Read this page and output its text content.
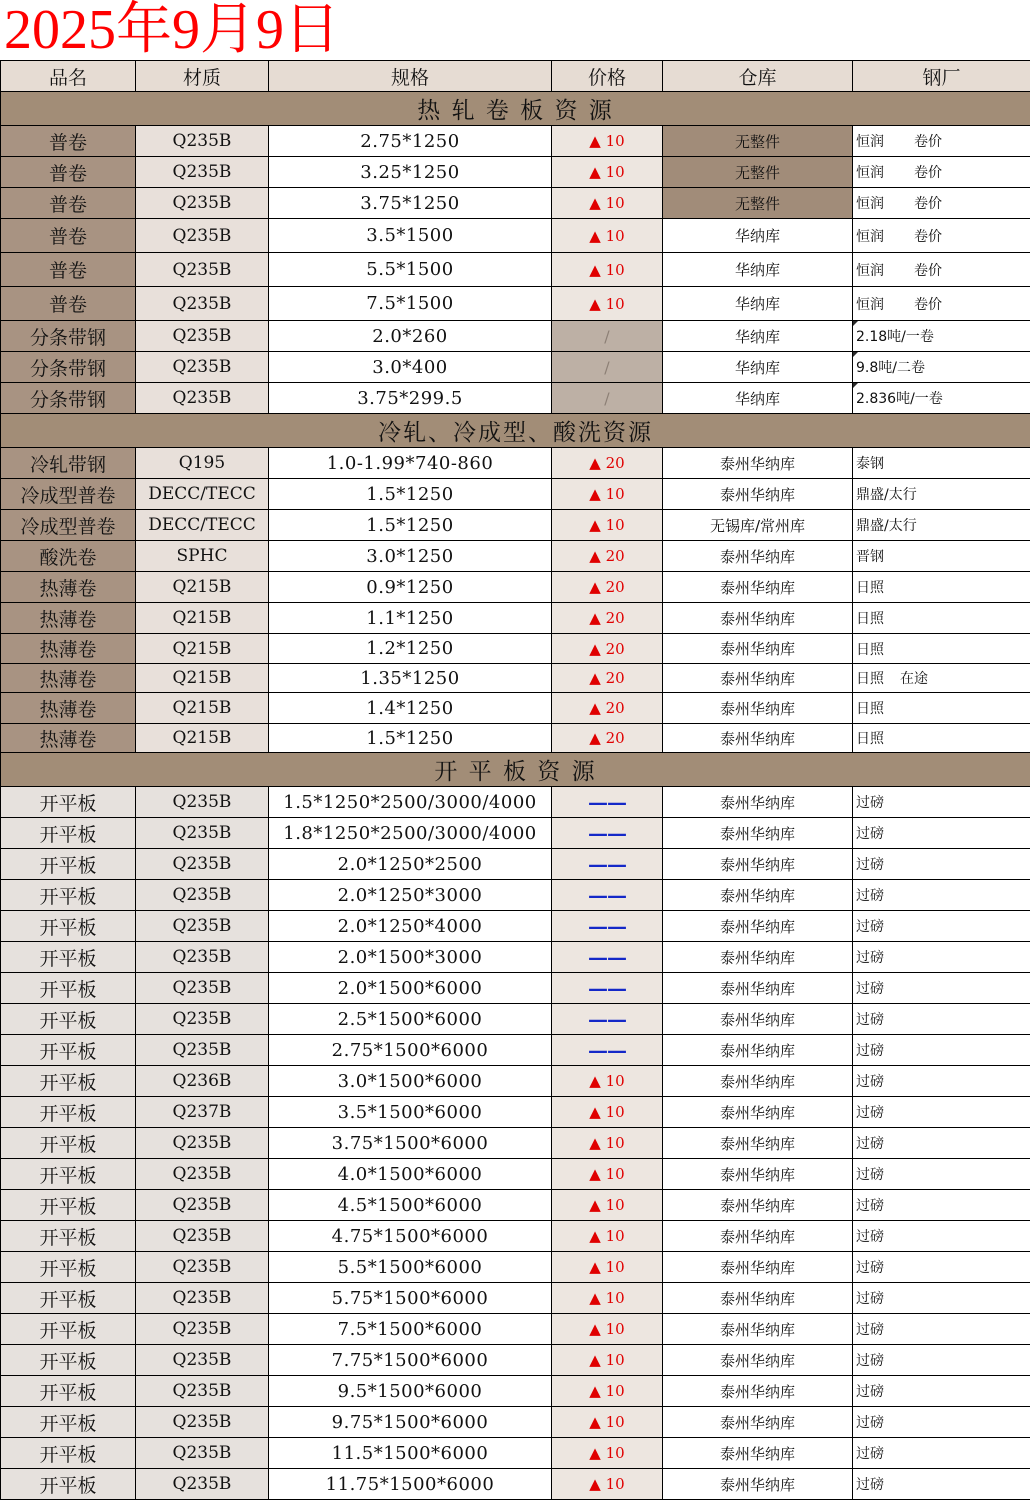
2025年9月9日
品名	材质	规格	价格	仓库	钢厂
热 轧 卷 板 资 源					
普卷	Q235B	2.75*1250	▲ 10	无整件	恒润 卷价
普卷	Q235B	3.25*1250	▲ 10	无整件	恒润 卷价
普卷	Q235B	3.75*1250	▲ 10	无整件	恒润 卷价
普卷	Q235B	3.5*1500	▲ 10	华纳库	恒润 卷价
普卷	Q235B	5.5*1500	▲ 10	华纳库	恒润 卷价
普卷	Q235B	7.5*1500	▲ 10	华纳库	恒润 卷价
分条带钢	Q235B	2.0*260	/	华纳库	2.18吨/一卷
分条带钢	Q235B	3.0*400	/	华纳库	9.8吨/二卷
分条带钢	Q235B	3.75*299.5	/	华纳库	2.836吨/一卷
冷轧、冷成型、酸洗资源					
冷轧带钢	Q195	1.0-1.99*740-860	▲ 20	泰州华纳库	泰钢
冷成型普卷	DECC/TECC	1.5*1250	▲ 10	泰州华纳库	鼎盛/太行
冷成型普卷	DECC/TECC	1.5*1250	▲ 10	无锡库/常州库	鼎盛/太行
酸洗卷	SPHC	3.0*1250	▲ 20	泰州华纳库	晋钢
热薄卷	Q215B	0.9*1250	▲ 20	泰州华纳库	日照
热薄卷	Q215B	1.1*1250	▲ 20	泰州华纳库	日照
热薄卷	Q215B	1.2*1250	▲ 20	泰州华纳库	日照
热薄卷	Q215B	1.35*1250	▲ 20	泰州华纳库	日照 在途
热薄卷	Q215B	1.4*1250	▲ 20	泰州华纳库	日照
热薄卷	Q215B	1.5*1250	▲ 20	泰州华纳库	日照
开 平 板 资 源					
开平板	Q235B	1.5*1250*2500/3000/4000	——	泰州华纳库	过磅
开平板	Q235B	1.8*1250*2500/3000/4000	——	泰州华纳库	过磅
开平板	Q235B	2.0*1250*2500	——	泰州华纳库	过磅
开平板	Q235B	2.0*1250*3000	——	泰州华纳库	过磅
开平板	Q235B	2.0*1250*4000	——	泰州华纳库	过磅
开平板	Q235B	2.0*1500*3000	——	泰州华纳库	过磅
开平板	Q235B	2.0*1500*6000	——	泰州华纳库	过磅
开平板	Q235B	2.5*1500*6000	——	泰州华纳库	过磅
开平板	Q235B	2.75*1500*6000	——	泰州华纳库	过磅
开平板	Q236B	3.0*1500*6000	▲ 10	泰州华纳库	过磅
开平板	Q237B	3.5*1500*6000	▲ 10	泰州华纳库	过磅
开平板	Q235B	3.75*1500*6000	▲ 10	泰州华纳库	过磅
开平板	Q235B	4.0*1500*6000	▲ 10	泰州华纳库	过磅
开平板	Q235B	4.5*1500*6000	▲ 10	泰州华纳库	过磅
开平板	Q235B	4.75*1500*6000	▲ 10	泰州华纳库	过磅
开平板	Q235B	5.5*1500*6000	▲ 10	泰州华纳库	过磅
开平板	Q235B	5.75*1500*6000	▲ 10	泰州华纳库	过磅
开平板	Q235B	7.5*1500*6000	▲ 10	泰州华纳库	过磅
开平板	Q235B	7.75*1500*6000	▲ 10	泰州华纳库	过磅
开平板	Q235B	9.5*1500*6000	▲ 10	泰州华纳库	过磅
开平板	Q235B	9.75*1500*6000	▲ 10	泰州华纳库	过磅
开平板	Q235B	11.5*1500*6000	▲ 10	泰州华纳库	过磅
开平板	Q235B	11.75*1500*6000	▲ 10	泰州华纳库	过磅
